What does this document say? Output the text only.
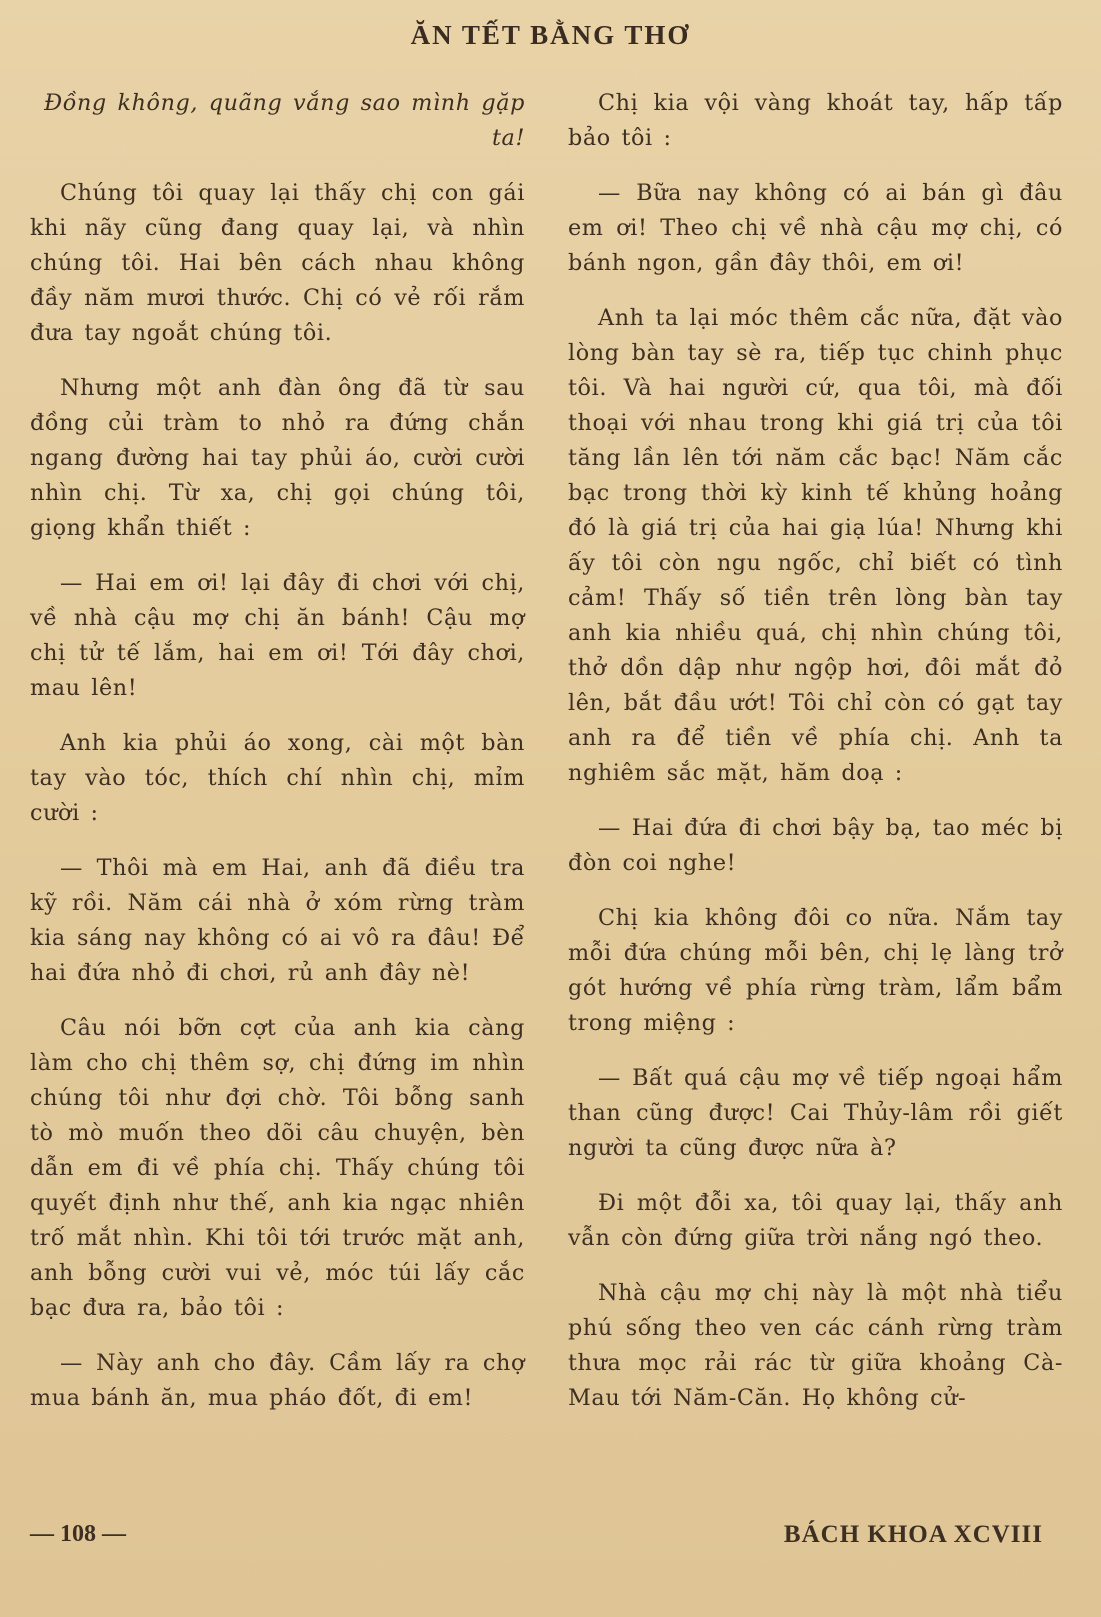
ĂN TẾT BẰNG THƠ

Đồng không, quãng vắng sao mình gặp ta!

Chúng tôi quay lại thấy chị con gái khi nãy cũng đang quay lại, và nhìn chúng tôi. Hai bên cách nhau không đầy năm mươi thước. Chị có vẻ rối rắm đưa tay ngoắt chúng tôi.

Nhưng một anh đàn ông đã từ sau đồng củi tràm to nhỏ ra đứng chắn ngang đường hai tay phủi áo, cười cười nhìn chị. Từ xa, chị gọi chúng tôi, giọng khẩn thiết :

— Hai em ơi! lại đây đi chơi với chị, về nhà cậu mợ chị ăn bánh! Cậu mợ chị tử tế lắm, hai em ơi! Tới đây chơi, mau lên!

Anh kia phủi áo xong, cài một bàn tay vào tóc, thích chí nhìn chị, mỉm cười :

— Thôi mà em Hai, anh đã điều tra kỹ rồi. Năm cái nhà ở xóm rừng tràm kia sáng nay không có ai vô ra đâu! Để hai đứa nhỏ đi chơi, rủ anh đây nè!

Câu nói bỡn cợt của anh kia càng làm cho chị thêm sợ, chị đứng im nhìn chúng tôi như đợi chờ. Tôi bỗng sanh tò mò muốn theo dõi câu chuyện, bèn dẫn em đi về phía chị. Thấy chúng tôi quyết định như thế, anh kia ngạc nhiên trố mắt nhìn. Khi tôi tới trước mặt anh, anh bỗng cười vui vẻ, móc túi lấy cắc bạc đưa ra, bảo tôi :

— Này anh cho đây. Cầm lấy ra chợ mua bánh ăn, mua pháo đốt, đi em!

Chị kia vội vàng khoát tay, hấp tấp bảo tôi :

— Bữa nay không có ai bán gì đâu em ơi! Theo chị về nhà cậu mợ chị, có bánh ngon, gần đây thôi, em ơi!

Anh ta lại móc thêm cắc nữa, đặt vào lòng bàn tay sè ra, tiếp tục chinh phục tôi. Và hai người cứ, qua tôi, mà đối thoại với nhau trong khi giá trị của tôi tăng lần lên tới năm cắc bạc! Năm cắc bạc trong thời kỳ kinh tế khủng hoảng đó là giá trị của hai giạ lúa! Nhưng khi ấy tôi còn ngu ngốc, chỉ biết có tình cảm! Thấy số tiền trên lòng bàn tay anh kia nhiều quá, chị nhìn chúng tôi, thở dồn dập như ngộp hơi, đôi mắt đỏ lên, bắt đầu ướt! Tôi chỉ còn có gạt tay anh ra để tiền về phía chị. Anh ta nghiêm sắc mặt, hăm doạ :

— Hai đứa đi chơi bậy bạ, tao méc bị đòn coi nghe!

Chị kia không đôi co nữa. Nắm tay mỗi đứa chúng mỗi bên, chị lẹ làng trở gót hướng về phía rừng tràm, lẩm bẩm trong miệng :

— Bất quá cậu mợ về tiếp ngoại hẩm than cũng được! Cai Thủy-lâm rồi giết người ta cũng được nữa à?

Đi một đỗi xa, tôi quay lại, thấy anh vẫn còn đứng giữa trời nắng ngó theo.

Nhà cậu mợ chị này là một nhà tiểu phú sống theo ven các cánh rừng tràm thưa mọc rải rác từ giữa khoảng Cà-Mau tới Năm-Căn. Họ không cử-

— 108 —	BÁCH KHOA XCVIII
